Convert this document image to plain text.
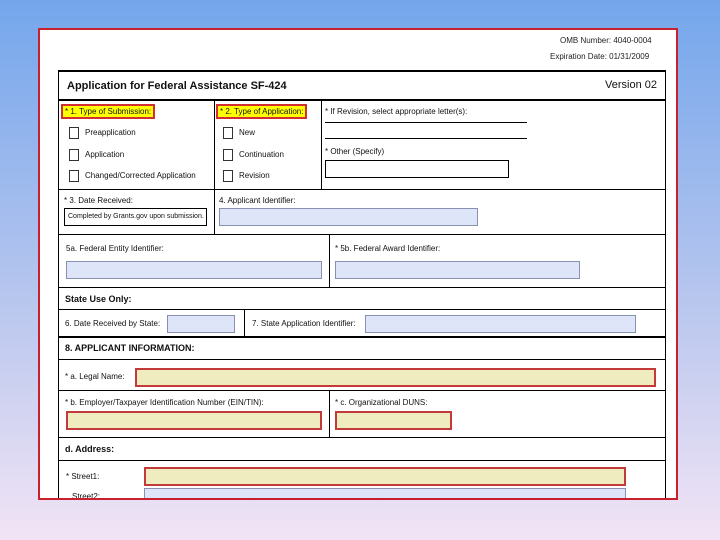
OMB Number: 4040-0004
Expiration Date: 01/31/2009
Application for Federal Assistance SF-424	Version 02
* 1. Type of Submission:
Preapplication
Application
Changed/Corrected Application
* 2. Type of Application:
New
Continuation
Revision
* If Revision, select appropriate letter(s):
* Other (Specify)
* 3. Date Received:
Completed by Grants.gov upon submission.
4. Applicant Identifier:
5a. Federal Entity Identifier:	* 5b. Federal Award Identifier:
State Use Only:
6. Date Received by State:	7. State Application Identifier:
8. APPLICANT INFORMATION:
* a. Legal Name:
* b. Employer/Taxpayer Identification Number (EIN/TIN):	* c. Organizational DUNS:
d. Address:
* Street1:
Street2:
